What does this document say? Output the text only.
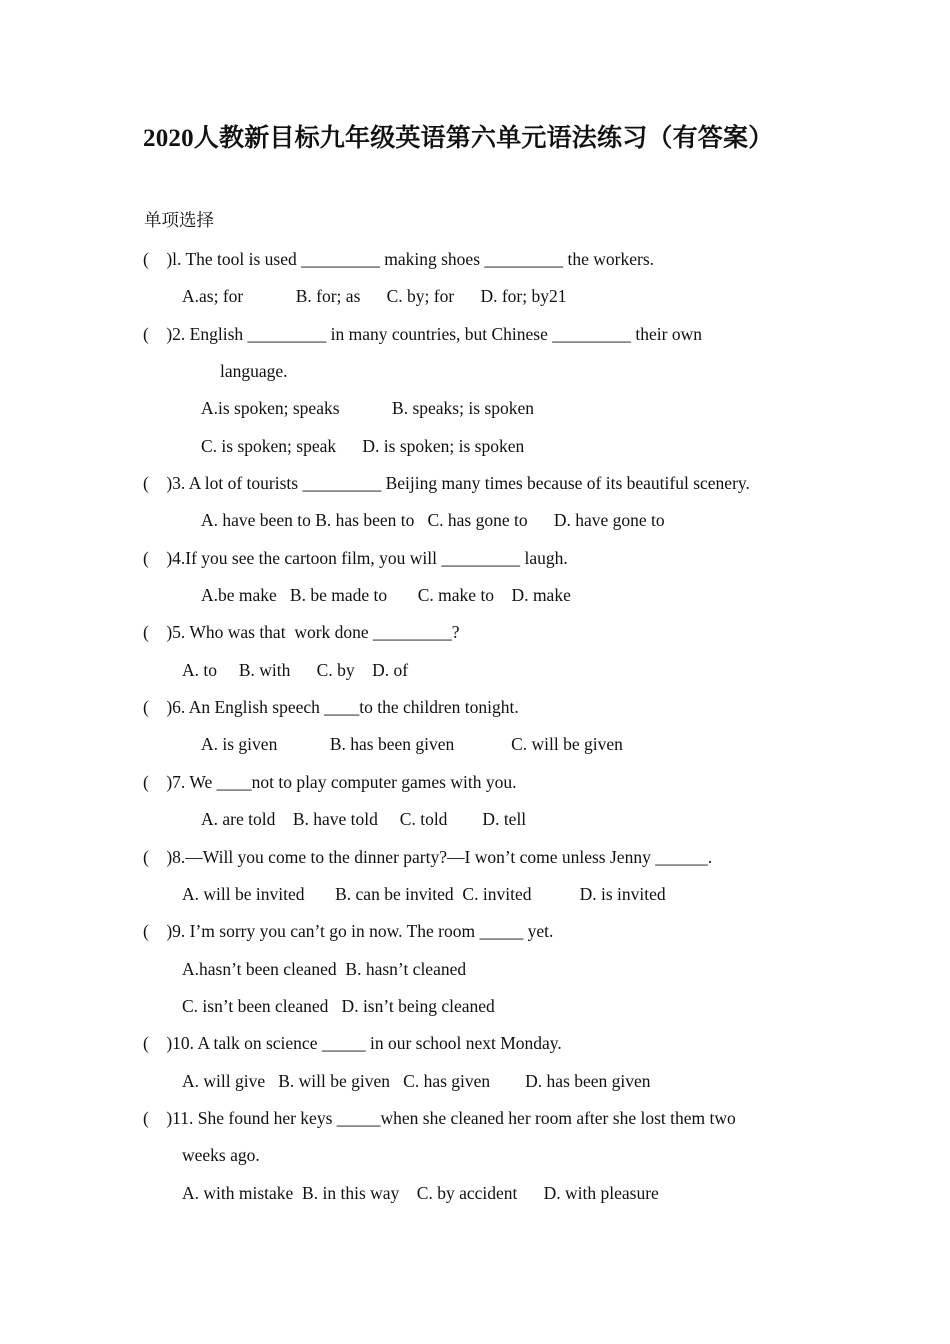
2020人教新目标九年级英语第六单元语法练习（有答案）
单项选择
(    )l. The tool is used _________ making shoes _________ the workers.
A.as; for            B. for; as      C. by; for      D. for; by21
(    )2. English _________ in many countries, but Chinese _________ their own
language.
A.is spoken; speaks            B. speaks; is spoken
C. is spoken; speak      D. is spoken; is spoken
(    )3. A lot of tourists _________ Beijing many times because of its beautiful scenery.
A. have been to B. has been to   C. has gone to      D. have gone to
(    )4.If you see the cartoon film, you will _________ laugh.
A.be make   B. be made to       C. make to    D. make
(    )5. Who was that  work done _________?
A. to     B. with      C. by    D. of
(    )6. An English speech ____to the children tonight.
A. is given            B. has been given             C. will be given
(    )7. We ____not to play computer games with you.
A. are told    B. have told     C. told        D. tell
(    )8.—Will you come to the dinner party?—I won’t come unless Jenny ______.
A. will be invited       B. can be invited  C. invited           D. is invited
(    )9. I’m sorry you can’t go in now. The room _____ yet.
A.hasn’t been cleaned  B. hasn’t cleaned
C. isn’t been cleaned   D. isn’t being cleaned
(    )10. A talk on science _____ in our school next Monday.
A. will give   B. will be given   C. has given        D. has been given
(    )11. She found her keys _____when she cleaned her room after she lost them two
weeks ago.
A. with mistake  B. in this way    C. by accident      D. with pleasure
